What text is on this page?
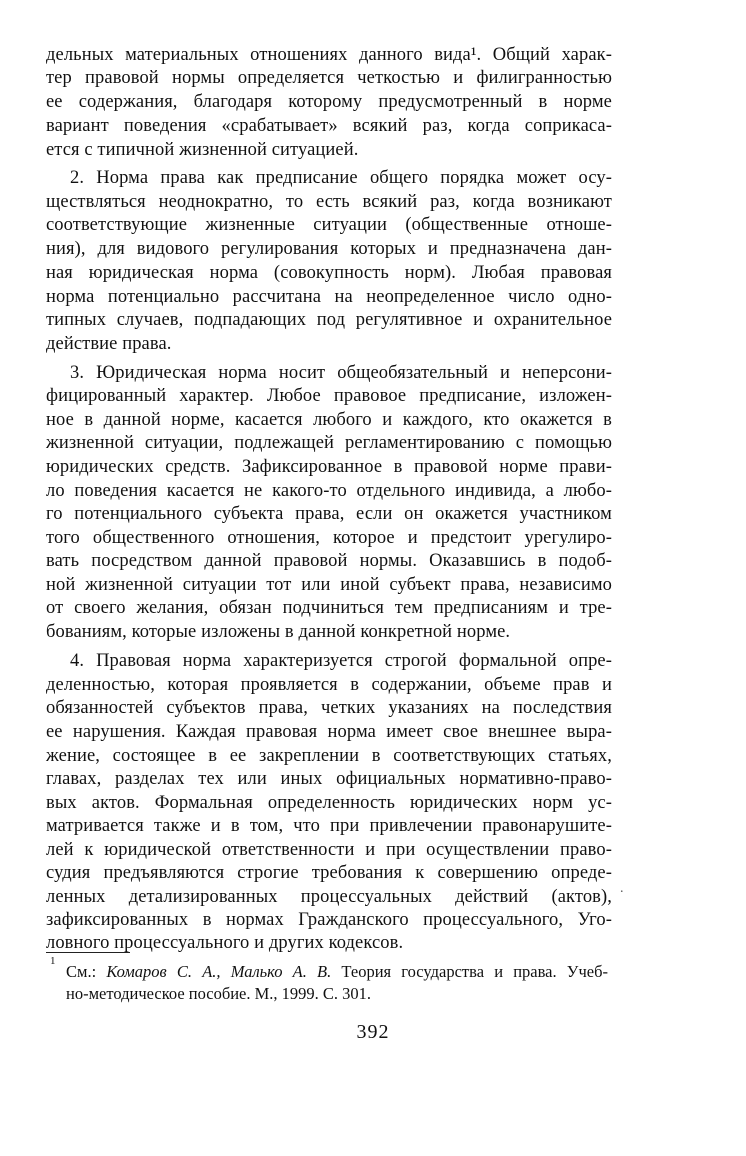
дельных материальных отношениях данного вида¹. Общий харак-
тер правовой нормы определяется четкостью и филигранностью
ее содержания, благодаря которому предусмотренный в норме
вариант поведения «срабатывает» всякий раз, когда соприкаса-
ется с типичной жизненной ситуацией.
2. Норма права как предписание общего порядка может осу-
ществляться неоднократно, то есть всякий раз, когда возникают
соответствующие жизненные ситуации (общественные отноше-
ния), для видового регулирования которых и предназначена дан-
ная юридическая норма (совокупность норм). Любая правовая
норма потенциально рассчитана на неопределенное число одно-
типных случаев, подпадающих под регулятивное и охранительное
действие права.
3. Юридическая норма носит общеобязательный и неперсони-
фицированный характер. Любое правовое предписание, изложен-
ное в данной норме, касается любого и каждого, кто окажется в
жизненной ситуации, подлежащей регламентированию с помощью
юридических средств. Зафиксированное в правовой норме прави-
ло поведения касается не какого-то отдельного индивида, а любо-
го потенциального субъекта права, если он окажется участником
того общественного отношения, которое и предстоит урегулиро-
вать посредством данной правовой нормы. Оказавшись в подоб-
ной жизненной ситуации тот или иной субъект права, независимо
от своего желания, обязан подчиниться тем предписаниям и тре-
бованиям, которые изложены в данной конкретной норме.
4. Правовая норма характеризуется строгой формальной опре-
деленностью, которая проявляется в содержании, объеме прав и
обязанностей субъектов права, четких указаниях на последствия
ее нарушения. Каждая правовая норма имеет свое внешнее выра-
жение, состоящее в ее закреплении в соответствующих статьях,
главах, разделах тех или иных официальных нормативно-право-
вых актов. Формальная определенность юридических норм ус-
матривается также и в том, что при привлечении правонарушите-
лей к юридической ответственности и при осуществлении право-
судия предъявляются строгие требования к совершению опреде-
ленных детализированных процессуальных действий (актов),
зафиксированных в нормах Гражданского процессуального, Уго-
ловного процессуального и других кодексов.
.
1
См.: Комаров С. А., Малько А. В. Теория государства и права. Учеб-
но-методическое пособие. М., 1999. С. 301.
392
